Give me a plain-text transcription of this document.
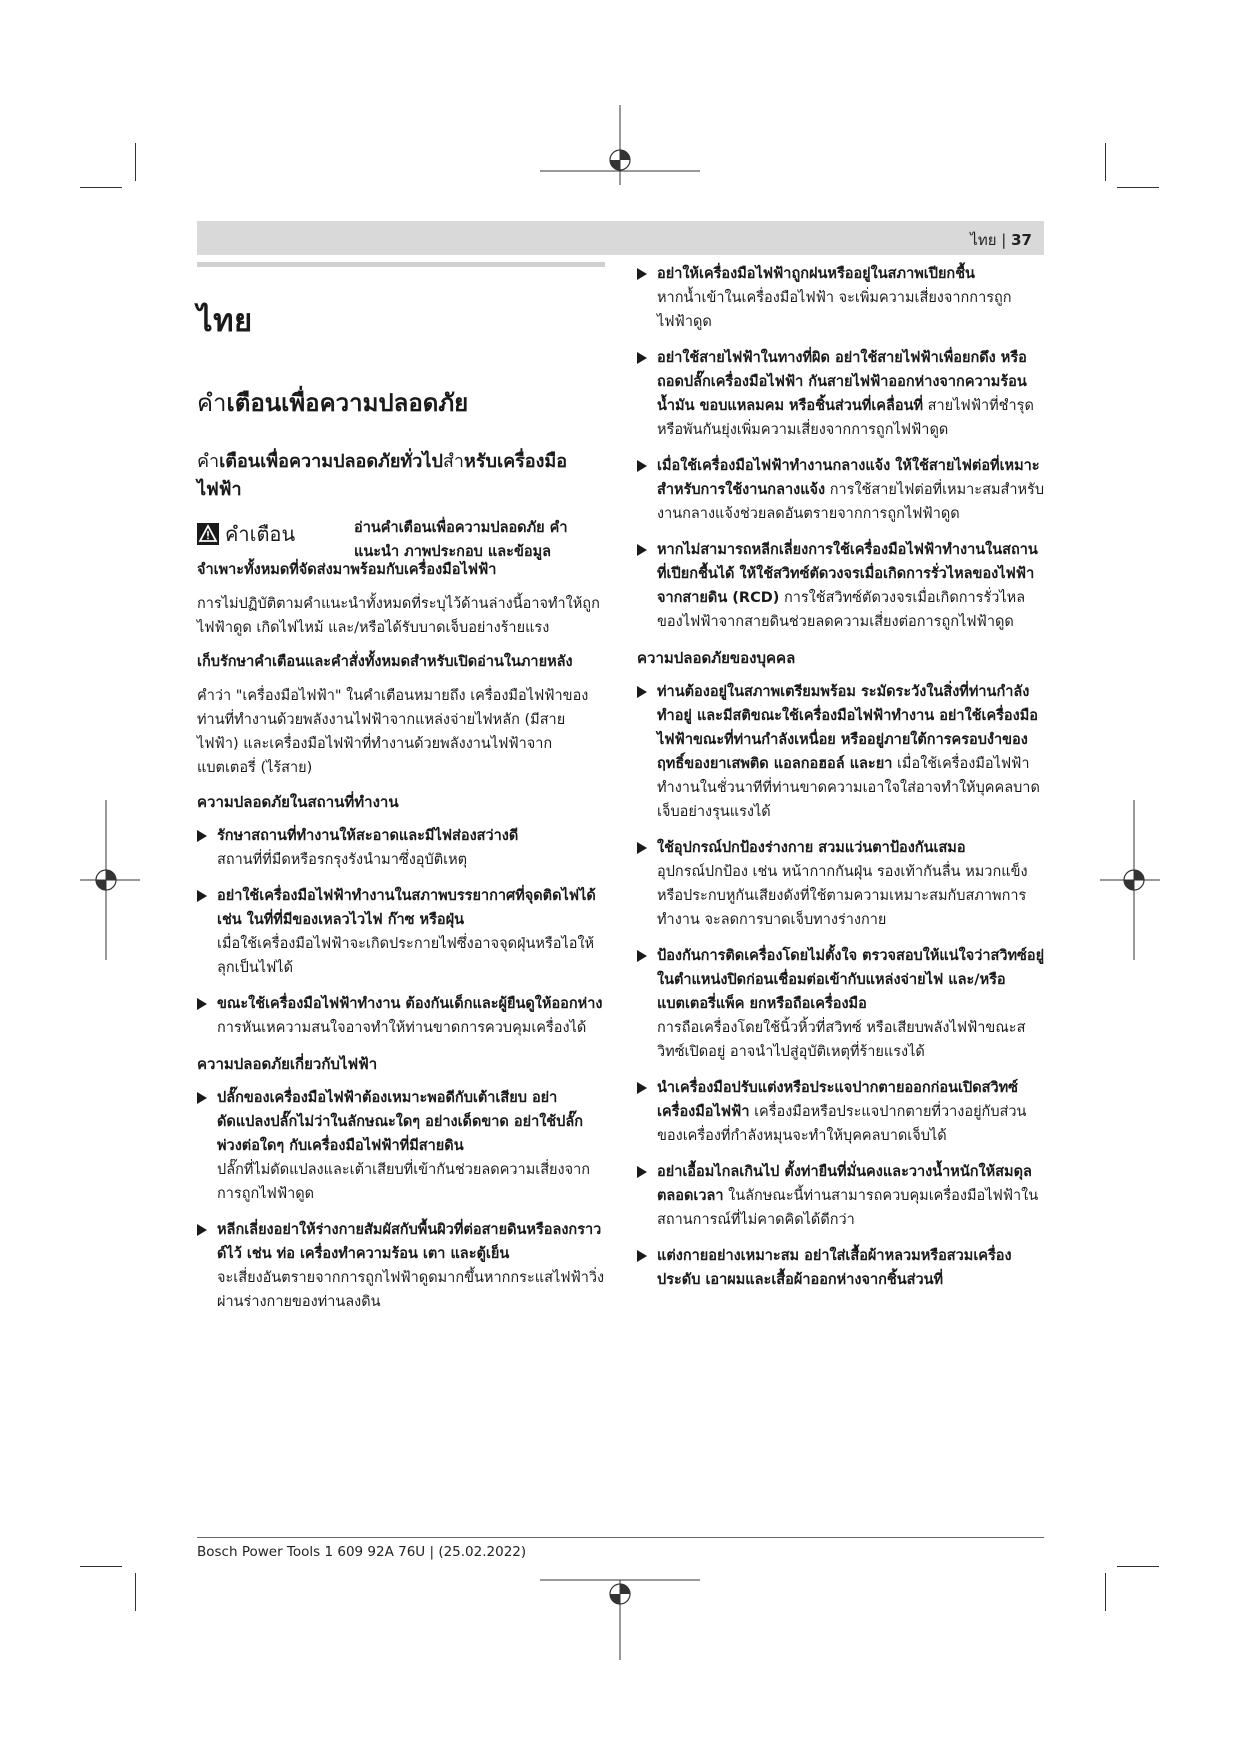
ไทย | 37
ไทย
คำเตือนเพื่อความปลอดภัย
คำเตือนเพื่อความปลอดภัยทั่วไปสำหรับเครื่องมือไฟฟ้า
คำเตือน	อ่านคำเตือนเพื่อความปลอดภัย คำแนะนำ ภาพประกอบ และข้อมูล
จำเพาะทั้งหมดที่จัดส่งมาพร้อมกับเครื่องมือไฟฟ้า
การไม่ปฏิบัติตามคำแนะนำทั้งหมดที่ระบุไว้ด้านล่างนี้อาจทำให้ถูกไฟฟ้าดูด เกิดไฟไหม้ และ/หรือได้รับบาดเจ็บอย่างร้ายแรง
เก็บรักษาคำเตือนและคำสั่งทั้งหมดสำหรับเปิดอ่านในภายหลัง
คำว่า "เครื่องมือไฟฟ้า" ในคำเตือนหมายถึง เครื่องมือไฟฟ้าของท่านที่ทำงานด้วยพลังงานไฟฟ้าจากแหล่งจ่ายไฟหลัก (มีสายไฟฟ้า) และเครื่องมือไฟฟ้าที่ทำงานด้วยพลังงานไฟฟ้าจากแบตเตอรี่ (ไร้สาย)
ความปลอดภัยในสถานที่ทำงาน
รักษาสถานที่ทำงานให้สะอาดและมีไฟส่องสว่างดี
สถานที่ที่มืดหรือรกรุงรังนำมาซึ่งอุบัติเหตุ
อย่าใช้เครื่องมือไฟฟ้าทำงานในสภาพบรรยากาศที่จุดติดไฟได้ เช่น ในที่ที่มีของเหลวไวไฟ ก๊าซ หรือฝุ่น
เมื่อใช้เครื่องมือไฟฟ้าจะเกิดประกายไฟซึ่งอาจจุดฝุ่นหรือไอให้ลุกเป็นไฟได้
ขณะใช้เครื่องมือไฟฟ้าทำงาน ต้องกันเด็กและผู้ยืนดูให้ออกห่าง
การหันเหความสนใจอาจทำให้ท่านขาดการควบคุมเครื่องได้
ความปลอดภัยเกี่ยวกับไฟฟ้า
ปลั๊กของเครื่องมือไฟฟ้าต้องเหมาะพอดีกับเต้าเสียบ อย่าดัดแปลงปลั๊กไม่ว่าในลักษณะใดๆ อย่างเด็ดขาด อย่าใช้ปลั๊กพ่วงต่อใดๆ กับเครื่องมือไฟฟ้าที่มีสายดิน
ปลั๊กที่ไม่ดัดแปลงและเต้าเสียบที่เข้ากันช่วยลดความเสี่ยงจากการถูกไฟฟ้าดูด
หลีกเลี่ยงอย่าให้ร่างกายสัมผัสกับพื้นผิวที่ต่อสายดินหรือลงกราวด์ไว้ เช่น ท่อ เครื่องทำความร้อน เตา และตู้เย็น
จะเสี่ยงอันตรายจากการถูกไฟฟ้าดูดมากขึ้นหากกระแสไฟฟ้าวิ่งผ่านร่างกายของท่านลงดิน
อย่าให้เครื่องมือไฟฟ้าถูกฝนหรืออยู่ในสภาพเปียกชื้น
หากน้ำเข้าในเครื่องมือไฟฟ้า จะเพิ่มความเสี่ยงจากการถูกไฟฟ้าดูด
อย่าใช้สายไฟฟ้าในทางที่ผิด อย่าใช้สายไฟฟ้าเพื่อยกดึง หรือถอดปลั๊กเครื่องมือไฟฟ้า กันสายไฟฟ้าออกห่างจากความร้อน น้ำมัน ขอบแหลมคม หรือชิ้นส่วนที่เคลื่อนที่ สายไฟฟ้าที่ชำรุดหรือพันกันยุ่งเพิ่มความเสี่ยงจากการถูกไฟฟ้าดูด
เมื่อใช้เครื่องมือไฟฟ้าทำงานกลางแจ้ง ให้ใช้สายไฟต่อที่เหมาะสำหรับการใช้งานกลางแจ้ง การใช้สายไฟต่อที่เหมาะสมสำหรับงานกลางแจ้งช่วยลดอันตรายจากการถูกไฟฟ้าดูด
หากไม่สามารถหลีกเลี่ยงการใช้เครื่องมือไฟฟ้าทำงานในสถานที่เปียกชื้นได้ ให้ใช้สวิทซ์ตัดวงจรเมื่อเกิดการรั่วไหลของไฟฟ้าจากสายดิน (RCD) การใช้สวิทซ์ตัดวงจรเมื่อเกิดการรั่วไหลของไฟฟ้าจากสายดินช่วยลดความเสี่ยงต่อการถูกไฟฟ้าดูด
ความปลอดภัยของบุคคล
ท่านต้องอยู่ในสภาพเตรียมพร้อม ระมัดระวังในสิ่งที่ท่านกำลังทำอยู่ และมีสติขณะใช้เครื่องมือไฟฟ้าทำงาน อย่าใช้เครื่องมือไฟฟ้าขณะที่ท่านกำลังเหนื่อย หรืออยู่ภายใต้การครอบงำของฤทธิ์ของยาเสพติด แอลกอฮอล์ และยา เมื่อใช้เครื่องมือไฟฟ้าทำงานในชั่วนาทีที่ท่านขาดความเอาใจใส่อาจทำให้บุคคลบาดเจ็บอย่างรุนแรงได้
ใช้อุปกรณ์ปกป้องร่างกาย สวมแว่นตาป้องกันเสมอ
อุปกรณ์ปกป้อง เช่น หน้ากากกันฝุ่น รองเท้ากันลื่น หมวกแข็ง หรือประกบหูกันเสียงดังที่ใช้ตามความเหมาะสมกับสภาพการทำงาน จะลดการบาดเจ็บทางร่างกาย
ป้องกันการติดเครื่องโดยไม่ตั้งใจ ตรวจสอบให้แน่ใจว่าสวิทซ์อยู่ในตำแหน่งปิดก่อนเชื่อมต่อเข้ากับแหล่งจ่ายไฟ และ/หรือแบตเตอรี่แพ็ค ยกหรือถือเครื่องมือ
การถือเครื่องโดยใช้นิ้วหิ้วที่สวิทซ์ หรือเสียบพลังไฟฟ้าขณะสวิทซ์เปิดอยู่ อาจนำไปสู่อุบัติเหตุที่ร้ายแรงได้
นำเครื่องมือปรับแต่งหรือประแจปากตายออกก่อนเปิดสวิทซ์เครื่องมือไฟฟ้า เครื่องมือหรือประแจปากตายที่วางอยู่กับส่วนของเครื่องที่กำลังหมุนจะทำให้บุคคลบาดเจ็บได้
อย่าเอื้อมไกลเกินไป ตั้งท่ายืนที่มั่นคงและวางน้ำหนักให้สมดุลตลอดเวลา ในลักษณะนี้ท่านสามารถควบคุมเครื่องมือไฟฟ้าในสถานการณ์ที่ไม่คาดคิดได้ดีกว่า
แต่งกายอย่างเหมาะสม อย่าใส่เสื้อผ้าหลวมหรือสวมเครื่องประดับ เอาผมและเสื้อผ้าออกห่างจากชิ้นส่วนที่
Bosch Power Tools 1 609 92A 76U | (25.02.2022)
